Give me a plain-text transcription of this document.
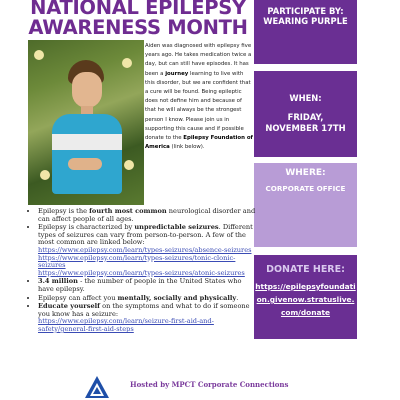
NATIONAL EPILEPSY
AWARENESS MONTH
Aiden was diagnosed with epilepsy five years ago. He takes medication twice a day, but can still have episodes. It has been a journey learning to live with this disorder, but we are confident that a cure will be found. Being epileptic does not define him and because of that he will always be the strongest person I know. Please join us in supporting this cause and if possible donate to the Epilepsy Foundation of America (link below).
PARTICIPATE BY:
WEARING PURPLE
WHEN:
FRIDAY,
NOVEMBER 17TH
WHERE:
CORPORATE OFFICE
DONATE HERE:
https://epilepsyfoundati
on.givenow.stratuslive.
com/donate
• Epilepsy is the fourth most common neurological disorder and can affect people of all ages.
• Epilepsy is characterized by unpredictable seizures. Different types of seizures can vary from person-to-person. A few of the most common are linked below:
https://www.epilepsy.com/learn/types-seizures/absence-seizures
https://www.epilepsy.com/learn/types-seizures/tonic-clonic-seizures
https://www.epilepsy.com/learn/types-seizures/atonic-seizures
• 3.4 million - the number of people in the United States who have epilepsy.
• Epilepsy can affect you mentally, socially and physically.
• Educate yourself on the symptoms and what to do if someone you know has a seizure:
https://www.epilepsy.com/learn/seizure-first-aid-and-safety/general-first-aid-steps
Hosted by MPCT Corporate Connections
